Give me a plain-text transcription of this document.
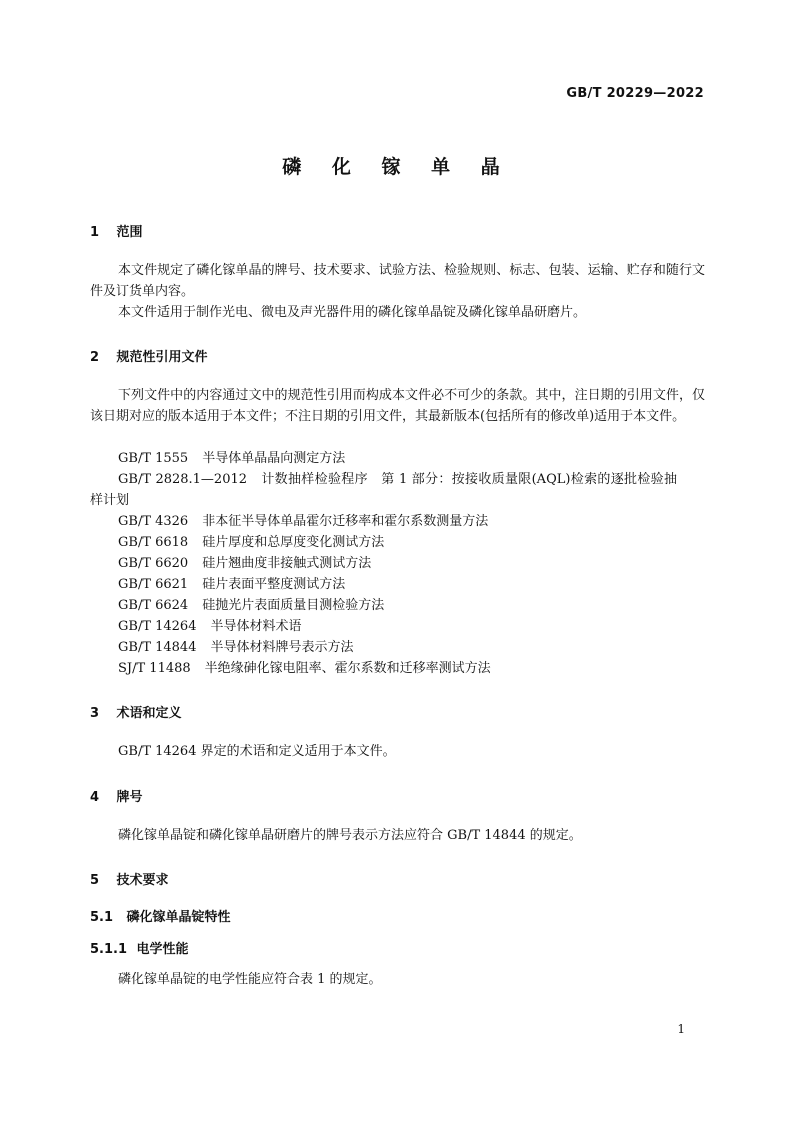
GB/T 20229—2022
磷 化 镓 单 晶
1 范围
本文件规定了磷化镓单晶的牌号、技术要求、试验方法、检验规则、标志、包装、运输、贮存和随行文件及订货单内容。
本文件适用于制作光电、微电及声光器件用的磷化镓单晶锭及磷化镓单晶研磨片。
2 规范性引用文件
下列文件中的内容通过文中的规范性引用而构成本文件必不可少的条款。其中，注日期的引用文件，仅该日期对应的版本适用于本文件；不注日期的引用文件，其最新版本(包括所有的修改单)适用于本文件。
GB/T 1555 半导体单晶晶向测定方法
GB/T 2828.1—2012 计数抽样检验程序　第 1 部分：按接收质量限(AQL)检索的逐批检验抽样计划
GB/T 4326 非本征半导体单晶霍尔迁移率和霍尔系数测量方法
GB/T 6618 硅片厚度和总厚度变化测试方法
GB/T 6620 硅片翘曲度非接触式测试方法
GB/T 6621 硅片表面平整度测试方法
GB/T 6624 硅抛光片表面质量目测检验方法
GB/T 14264 半导体材料术语
GB/T 14844 半导体材料牌号表示方法
SJ/T 11488 半绝缘砷化镓电阻率、霍尔系数和迁移率测试方法
3 术语和定义
GB/T 14264 界定的术语和定义适用于本文件。
4 牌号
磷化镓单晶锭和磷化镓单晶研磨片的牌号表示方法应符合 GB/T 14844 的规定。
5 技术要求
5.1 磷化镓单晶锭特性
5.1.1 电学性能
磷化镓单晶锭的电学性能应符合表 1 的规定。
1
